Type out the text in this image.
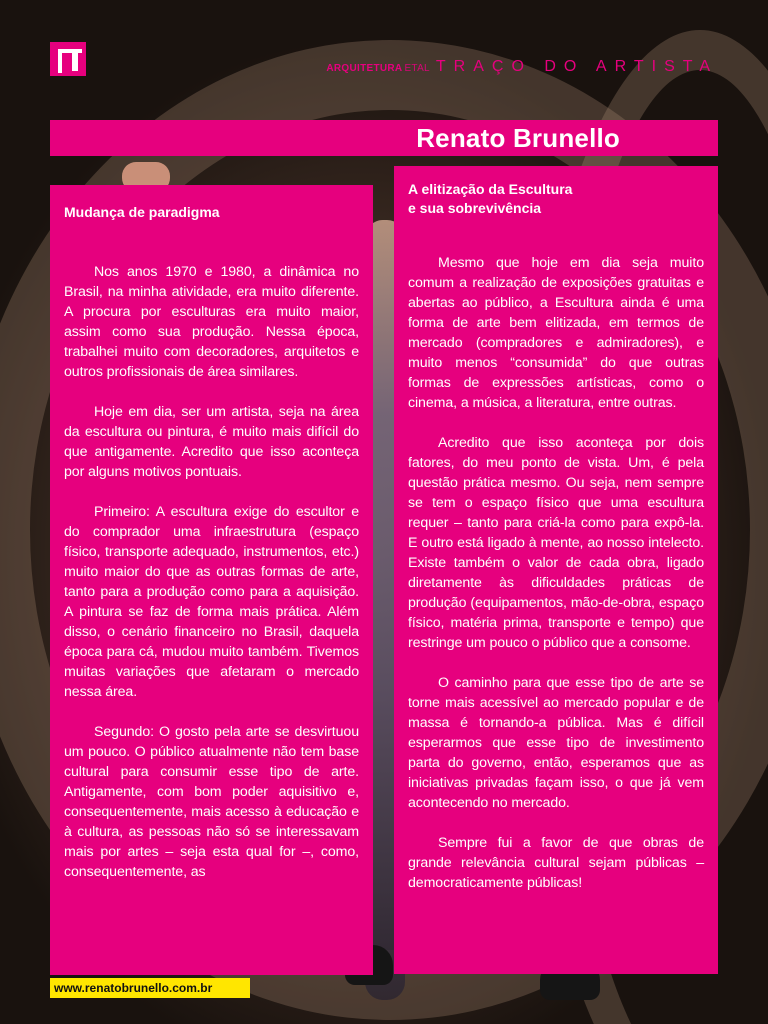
ARQUITETURA ETAL TRAÇO DO ARTISTA
Renato Brunello
Mudança de paradigma

Nos anos 1970 e 1980, a dinâmica no Brasil, na minha atividade, era muito diferente. A procura por esculturas era muito maior, assim como sua produção. Nessa época, trabalhei muito com decoradores, arquitetos e outros profissionais de área similares.

Hoje em dia, ser um artista, seja na área da escultura ou pintura, é muito mais difícil do que antigamente. Acredito que isso aconteça por alguns motivos pontuais.

Primeiro: A escultura exige do escultor e do comprador uma infraestrutura (espaço físico, transporte adequado, instrumentos, etc.) muito maior do que as outras formas de arte, tanto para a produção como para a aquisição. A pintura se faz de forma mais prática. Além disso, o cenário financeiro no Brasil, daquela época para cá, mudou muito também. Tivemos muitas variações que afetaram o mercado nessa área.

Segundo: O gosto pela arte se desvirtuou um pouco. O público atualmente não tem base cultural para consumir esse tipo de arte. Antigamente, com bom poder aquisitivo e, consequentemente, mais acesso à educação e à cultura, as pessoas não só se interessavam mais por artes – seja esta qual for –, como, consequentemente, as

A elitização da Escultura
e sua sobrevivência

Mesmo que hoje em dia seja muito comum a realização de exposições gratuitas e abertas ao público, a Escultura ainda é uma forma de arte bem elitizada, em termos de mercado (compradores e admiradores), e muito menos “consumida” do que outras formas de expressões artísticas, como o cinema, a música, a literatura, entre outras.

Acredito que isso aconteça por dois fatores, do meu ponto de vista. Um, é pela questão prática mesmo. Ou seja, nem sempre se tem o espaço físico que uma escultura requer – tanto para criá-la como para expô-la. E outro está ligado à mente, ao nosso intelecto. Existe também o valor de cada obra, ligado diretamente às dificuldades práticas de produção (equipamentos, mão-de-obra, espaço físico, matéria prima, transporte e tempo) que restringe um pouco o público que a consome.

O caminho para que esse tipo de arte se torne mais acessível ao mercado popular e de massa é tornando-a pública. Mas é difícil esperarmos que esse tipo de investimento parta do governo, então, esperamos que as iniciativas privadas façam isso, o que já vem acontecendo no mercado.

Sempre fui a favor de que obras de grande relevância cultural sejam públicas – democraticamente públicas!

www.renatobrunello.com.br
